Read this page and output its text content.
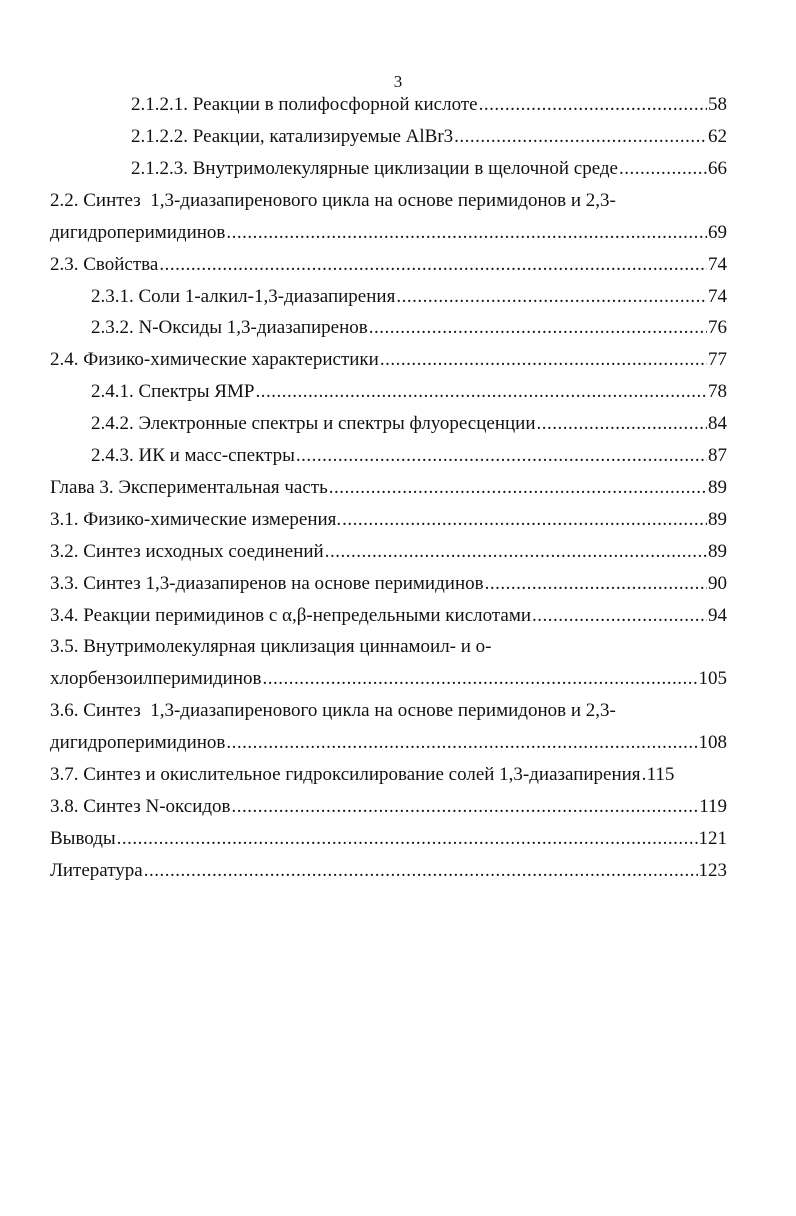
3
2.1.2.1. Реакции в полифосфорной кислоте .....	58
2.1.2.2. Реакции, катализируемые AlBr3 .....	62
2.1.2.3. Внутримолекулярные циклизации в щелочной среде .....	66
2.2. Синтез  1,3-диазапиренового цикла на основе перимидонов и 2,3-
дигидроперимидинов .....	69
2.3. Свойства .....	74
2.3.1. Соли 1-алкил-1,3-диазапирения .....	74
2.3.2. N-Оксиды 1,3-диазапиренов .....	76
2.4. Физико-химические характеристики .....	77
2.4.1. Спектры ЯМР .....	78
2.4.2. Электронные спектры и спектры флуоресценции .....	84
2.4.3. ИК и масс-спектры .....	87
Глава 3. Экспериментальная часть .....	89
3.1. Физико-химические измерения. .....	89
3.2. Синтез исходных соединений .....	89
3.3. Синтез 1,3-диазапиренов на основе перимидинов .....	90
3.4. Реакции перимидинов с α,β-непредельными кислотами .....	94
3.5. Внутримолекулярная циклизация циннамоил- и о-
хлорбензоилперимидинов .....	105
3.6. Синтез  1,3-диазапиренового цикла на основе перимидонов и 2,3-
дигидроперимидинов .....	108
3.7. Синтез и окислительное гидроксилирование солей 1,3-диазапирения ..... 115
3.8. Синтез N-оксидов .....	119
Выводы .....	121
Литература .....	123
